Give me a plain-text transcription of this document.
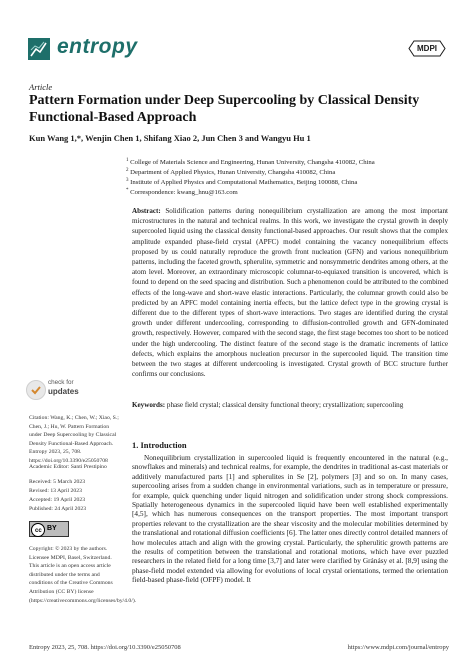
entropy	MDPI
Article
Pattern Formation under Deep Supercooling by Classical Density Functional-Based Approach
Kun Wang 1,*, Wenjin Chen 1, Shifang Xiao 2, Jun Chen 3 and Wangyu Hu 1
$^1$ College of Materials Science and Engineering, Hunan University, Changsha 410082, China
$^2$ Department of Applied Physics, Hunan University, Changsha 410082, China
$^3$ Institute of Applied Physics and Computational Mathematics, Beijing 100088, China
* Correspondence: kwang_hnu@163.com
Abstract: Solidification patterns during nonequilibrium crystallization are among the most important microstructures in the natural and technical realms. In this work, we investigate the crystal growth in deeply supercooled liquid using the classical density functional-based approaches. Our result shows that the complex amplitude expanded phase-field crystal (APFC) model containing the vacancy nonequilibrium effects proposed by us could naturally reproduce the growth front nucleation (GFN) and various nonequilibrium patterns, including the faceted growth, spherulite, symmetric and nonsymmetric dendrites among others, at the atom level. Moreover, an extraordinary microscopic columnar-to-equiaxed transition is uncovered, which is found to depend on the seed spacing and distribution. Such a phenomenon could be attributed to the combined effects of the long-wave and short-wave elastic interactions. Particularly, the columnar growth could also be predicted by an APFC model containing inertia effects, but the lattice defect type in the growing crystal is different due to the different types of short-wave interactions. Two stages are identified during the crystal growth under different undercooling, corresponding to diffusion-controlled growth and GFN-dominated growth, respectively. However, compared with the second stage, the first stage becomes too short to be noticed under the high undercooling. The distinct feature of the second stage is the dramatic increments of lattice defects, which explains the amorphous nucleation precursor in the supercooled liquid. The transition time between the two stages at different undercooling is investigated. Crystal growth of BCC structure further confirms our conclusions.
Keywords: phase field crystal; classical density functional theory; crystallization; supercooling
check for
updates
Citation: Wang, K.; Chen, W.; Xiao, S.; Chen, J.; Hu, W. Pattern Formation under Deep Supercooling by Classical Density Functional-Based Approach. Entropy 2023, 25, 708. https://doi.org/10.3390/e25050708
Academic Editor: Santi Prestipino
Received: 5 March 2023
Revised: 13 April 2023
Accepted: 19 April 2023
Published: 24 April 2023
cc BY
Copyright: © 2023 by the authors. Licensee MDPI, Basel, Switzerland. This article is an open access article distributed under the terms and conditions of the Creative Commons Attribution (CC BY) license (https://creativecommons.org/licenses/by/4.0/).
1. Introduction
Nonequilibrium crystallization in supercooled liquid is frequently encountered in the natural (e.g., snowflakes and minerals) and technical realms, for example, the dendrites in traditional as-cast materials or additively manufactured parts [1] and spherulites in Se [2], polymers [3] and so on. In many cases, supercooling arises from a sudden change in environmental variations, such as in temperature or pressure, for example, quick quenching under liquid nitrogen and solidification under strong shock compressions. Spatially heterogeneous dynamics in the supercooled liquid have been well established experimentally [4,5], which has numerous consequences on the transport properties. The most important transport properties relevant to the crystallization are the shear viscosity and the molecular mobilities determined by the translational and rotational diffusion coefficients [6]. The latter ones directly control detailed manners of how molecules attach and align with the growing crystal. Particularly, the spherulitic growth patterns are the results of competition between the translational and rotational motions, which have ever puzzled researchers in the related field for a long time [3,7] and later were clarified by Gránásy et al. [8,9] using the phase-field model extended via allowing for evolutions of local crystal orientations, termed the orientation field-based phase-field (OFPF) model. It
Entropy 2023, 25, 708. https://doi.org/10.3390/e25050708	https://www.mdpi.com/journal/entropy
